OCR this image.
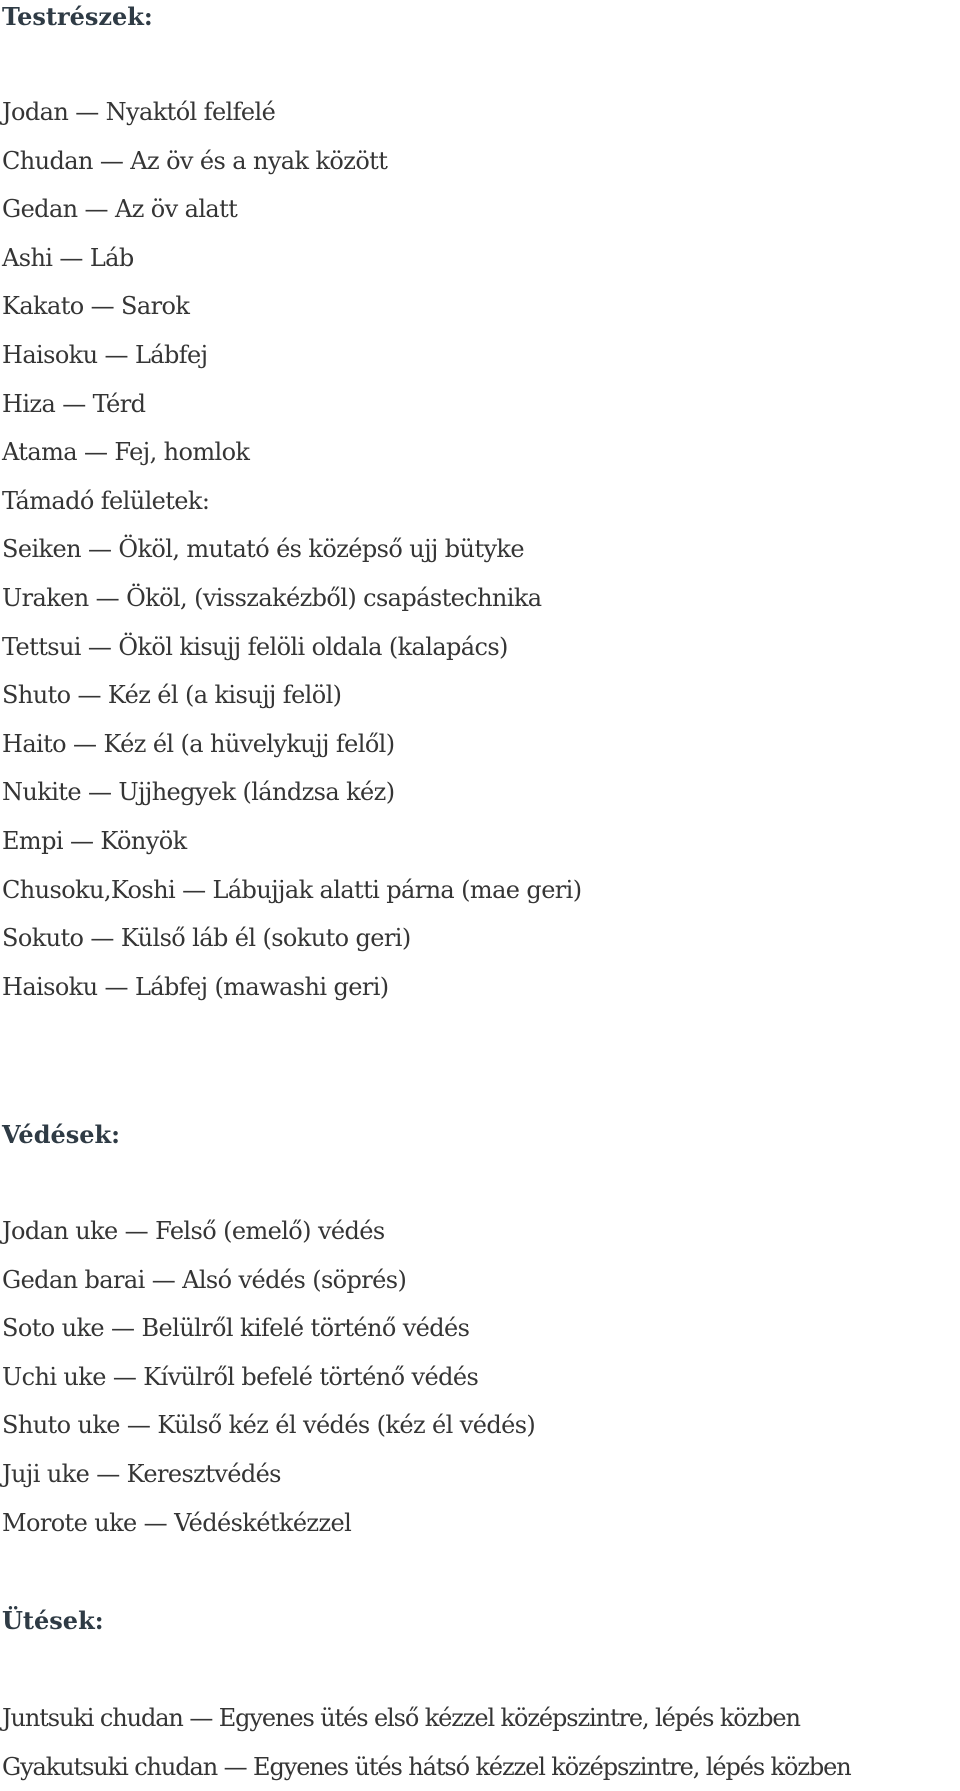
Testrészek:
Jodan — Nyaktól felfelé
Chudan — Az öv és a nyak között
Gedan — Az öv alatt
Ashi — Láb
Kakato — Sarok
Haisoku — Lábfej
Hiza — Térd
Atama — Fej, homlok
Támadó felületek:
Seiken — Ököl, mutató és középső ujj bütyke
Uraken — Ököl, (visszakézből) csapástechnika
Tettsui — Ököl kisujj felöli oldala (kalapács)
Shuto — Kéz él (a kisujj felöl)
Haito — Kéz él (a hüvelykujj felől)
Nukite — Ujjhegyek (lándzsa kéz)
Empi — Könyök
Chusoku,Koshi — Lábujjak alatti párna (mae geri)
Sokuto — Külső láb él (sokuto geri)
Haisoku — Lábfej (mawashi geri)
Védések:
Jodan uke — Felső (emelő) védés
Gedan barai — Alsó védés (söprés)
Soto uke — Belülről kifelé történő védés
Uchi uke — Kívülről befelé történő védés
Shuto uke — Külső kéz él védés (kéz él védés)
Juji uke — Keresztvédés
Morote uke — Védéskétkézzel
Ütések:
Juntsuki chudan — Egyenes ütés első kézzel középszintre, lépés közben
Gyakutsuki chudan — Egyenes ütés hátsó kézzel középszintre, lépés közben
